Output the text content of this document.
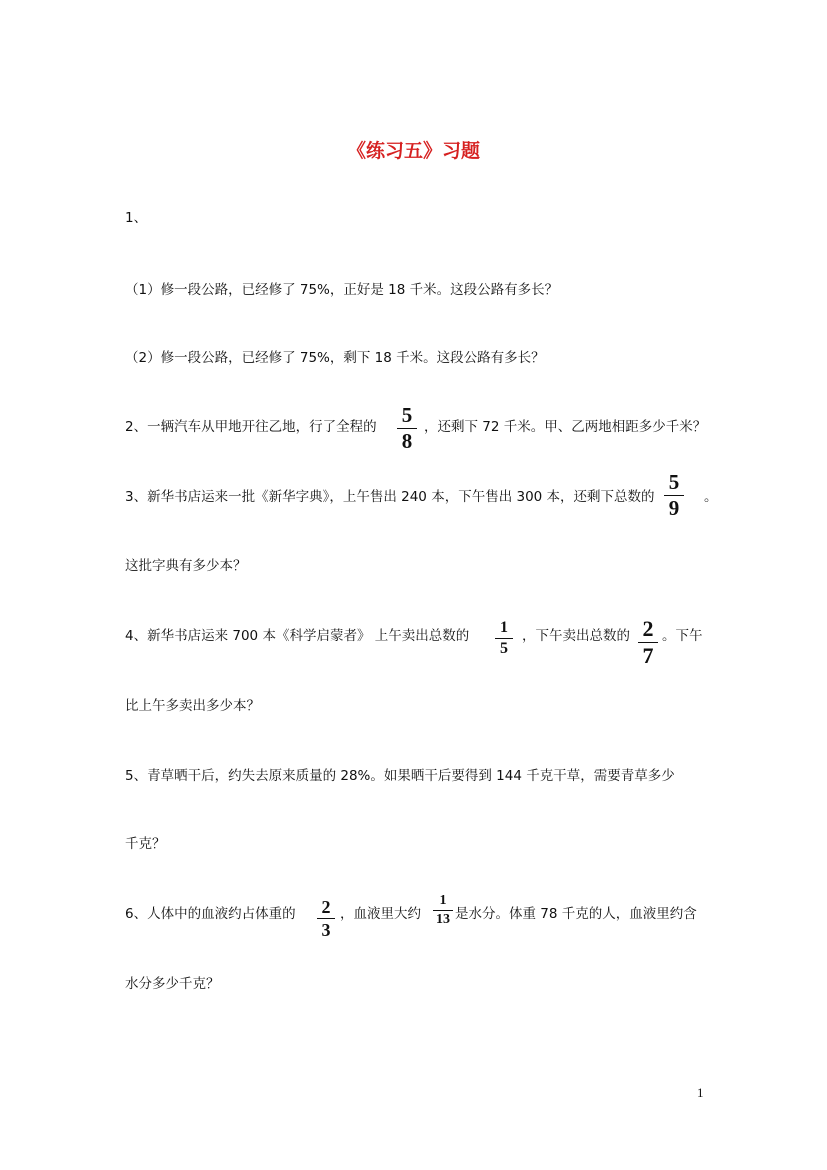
《练习五》习题
1、
（1）修一段公路，已经修了 75%，正好是 18 千米。这段公路有多长？
（2）修一段公路，已经修了 75%，剩下 18 千米。这段公路有多长？
2、一辆汽车从甲地开往乙地，行了全程的 5
8
，还剩下 72 千米。甲、乙两地相距多少千米？
3、新华书店运来一批《新华字典》，上午售出 240 本，下午售出 300 本，还剩下总数的
5
9	。
这批字典有多少本？
4、新华书店运来 700 本《科学启蒙者》 上午卖出总数的	1
5
，下午卖出总数的 2
7
。下午
比上午多卖出多少本？
5、青草晒干后，约失去原来质量的 28%。如果晒干后要得到 144 千克干草，需要青草多少
千克？
6、人体中的血液约占体重的 2
3
，血液里大约
1
13 是水分。体重 78 千克的人，血液里约含
水分多少千克？
1
